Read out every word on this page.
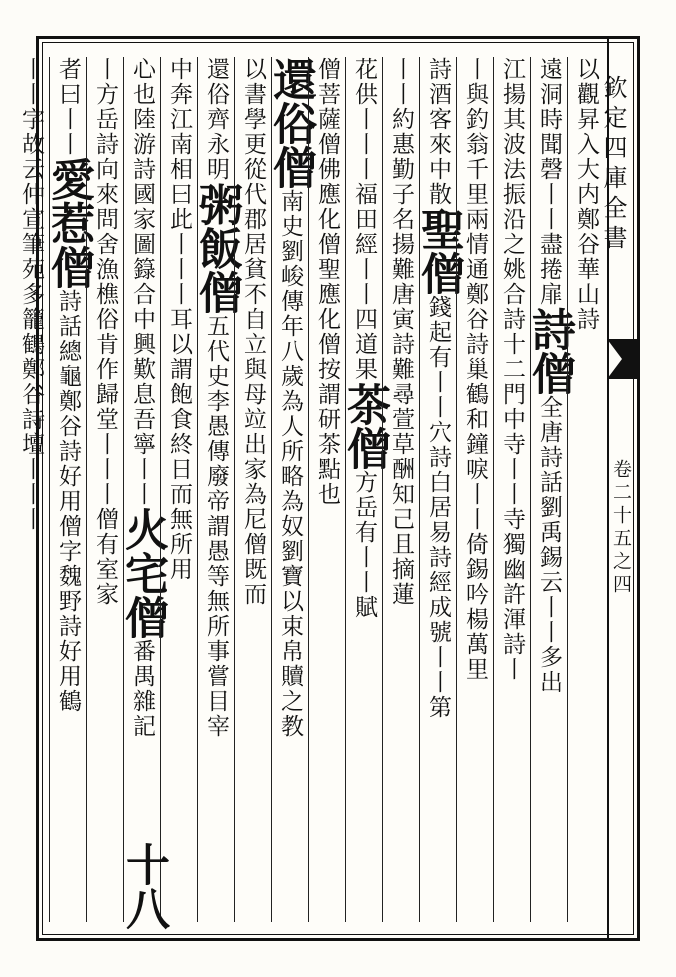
欽定四庫全書
卷二十五之四
以觀昇入大内鄭谷華山詩
遠洞時聞磬丨丨盡捲扉詩僧全唐詩話劉禹錫云丨丨多出
江揚其波法振沿之姚合詩十二門中寺丨丨寺獨幽許渾詩丨
丨與釣翁千里兩情通鄭谷詩巢鶴和鐘唳丨丨倚錫吟楊萬里
詩酒客來中散聖僧錢起有丨丨穴詩白居易詩經成號丨丨第
丨丨約惠勤子名揚難唐寅詩難尋萱草酬知己且摘蓮
花供丨丨丨福田經丨丨四道果茶僧方岳有丨丨賦
僧菩薩僧佛應化僧聖應化僧按謂研茶點也
還俗僧南史劉峻傳年八歲為人所略為奴劉寶以束帛贖之教
以書學更從代郡居貧不自立與母竝出家為尼僧既而
還俗齊永明粥飯僧五代史李愚傳廢帝謂愚等無所事嘗目宰
中奔江南相曰此丨丨丨耳以謂飽食終日而無所用
心也陸游詩國家圖籙合中興歎息吾寧丨丨火宅僧番禺雜記
丨方岳詩向來問舍漁樵俗肯作歸堂丨丨丨僧有室家
者曰丨丨愛惹僧詩話總龜鄭谷詩好用僧字魏野詩好用鶴
丨丨字故云仲宣筆苑多籠鶴鄭谷詩壇丨丨丨
十八
